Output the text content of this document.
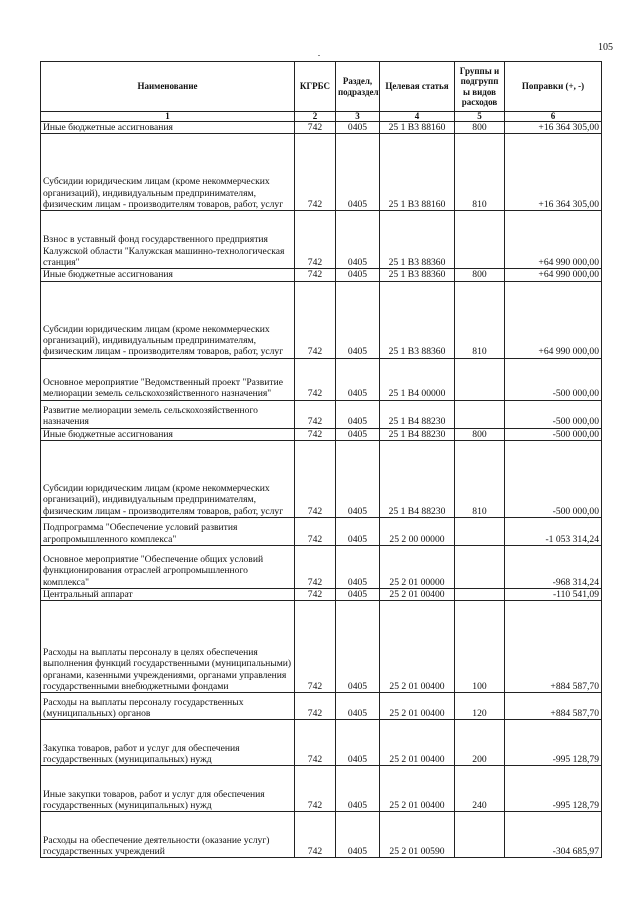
105
Наименование	КГРБС	Раздел, подраздел	Целевая статья	Группы и подгрупп ы видов расходов	Поправки (+, -)
1	2	3	4	5	6
Иные бюджетные ассигнования	742	0405	25 1 B3 88160	800	+16 364 305,00
Субсидии юридическим лицам (кроме некоммерческих организаций), индивидуальным предпринимателям, физическим лицам - производителям товаров, работ, услуг	742	0405	25 1 B3 88160	810	+16 364 305,00
Взнос в уставный фонд государственного предприятия Калужской области "Калужская машинно-технологическая станция"	742	0405	25 1 B3 88360		+64 990 000,00
Иные бюджетные ассигнования	742	0405	25 1 B3 88360	800	+64 990 000,00
Субсидии юридическим лицам (кроме некоммерческих организаций), индивидуальным предпринимателям, физическим лицам - производителям товаров, работ, услуг	742	0405	25 1 B3 88360	810	+64 990 000,00
Основное мероприятие "Ведомственный проект "Развитие мелиорации земель сельскохозяйственного назначения"	742	0405	25 1 B4 00000		-500 000,00
Развитие мелиорации земель сельскохозяйственного назначения	742	0405	25 1 B4 88230		-500 000,00
Иные бюджетные ассигнования	742	0405	25 1 B4 88230	800	-500 000,00
Субсидии юридическим лицам (кроме некоммерческих организаций), индивидуальным предпринимателям, физическим лицам - производителям товаров, работ, услуг	742	0405	25 1 B4 88230	810	-500 000,00
Подпрограмма "Обеспечение условий развития агропромышленного комплекса"	742	0405	25 2 00 00000		-1 053 314,24
Основное мероприятие "Обеспечение общих условий функционирования отраслей агропромышленного комплекса"	742	0405	25 2 01 00000		-968 314,24
Центральный аппарат	742	0405	25 2 01 00400		-110 541,09
Расходы на выплаты персоналу в целях обеспечения выполнения функций государственными (муниципальными) органами, казенными учреждениями, органами управления государственными внебюджетными фондами	742	0405	25 2 01 00400	100	+884 587,70
Расходы на выплаты персоналу государственных (муниципальных) органов	742	0405	25 2 01 00400	120	+884 587,70
Закупка товаров, работ и услуг для обеспечения государственных (муниципальных) нужд	742	0405	25 2 01 00400	200	-995 128,79
Иные закупки товаров, работ и услуг для обеспечения государственных (муниципальных) нужд	742	0405	25 2 01 00400	240	-995 128,79
Расходы на обеспечение деятельности (оказание услуг) государственных учреждений	742	0405	25 2 01 00590		-304 685,97
